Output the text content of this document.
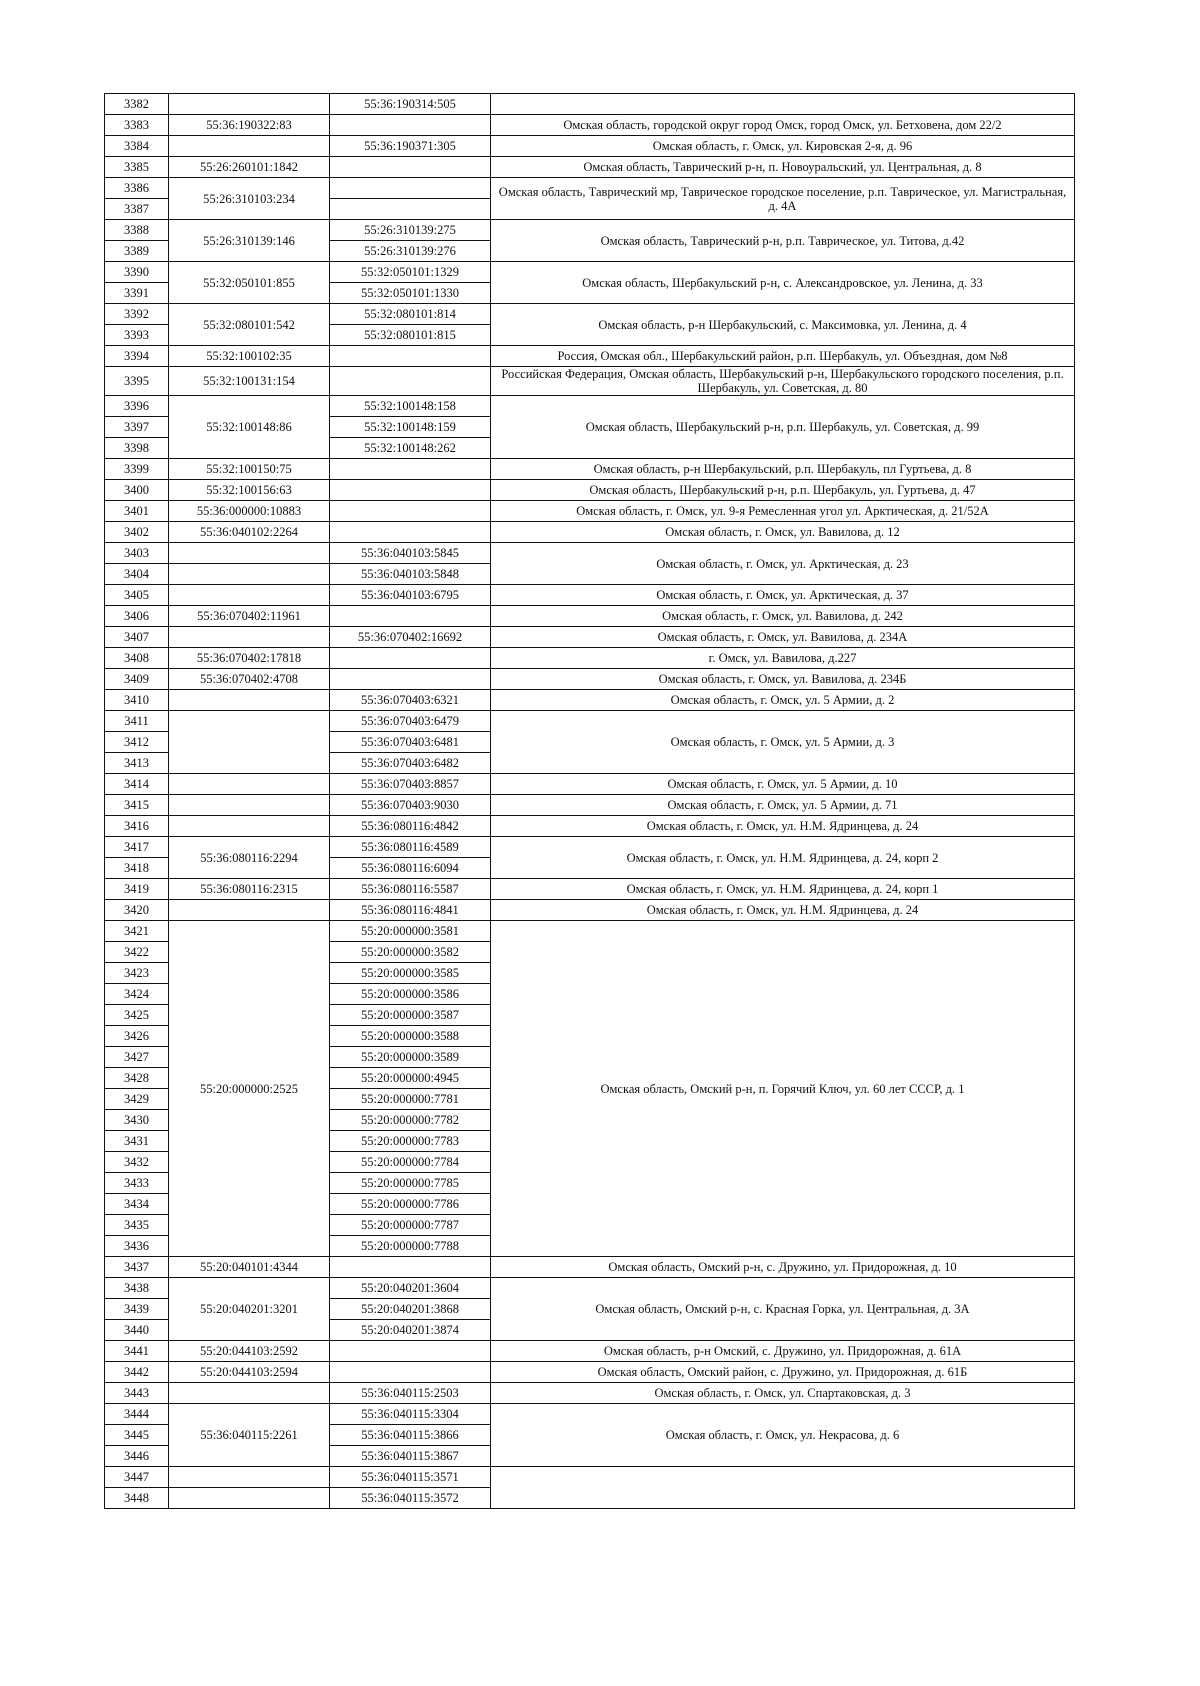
3382		55:36:190314:505	
3383	55:36:190322:83		Омская область, городской округ город Омск, город Омск, ул. Бетховена, дом 22/2
3384		55:36:190371:305	Омская область, г. Омск, ул. Кировская 2-я, д. 96
3385	55:26:260101:1842		Омская область, Таврический р-н, п. Новоуральский, ул. Центральная, д. 8
3386	55:26:310103:234		Омская область, Таврический мр, Таврическое городское поселение, р.п. Таврическое, ул. Магистральная, д. 4А
3387			
3388	55:26:310139:146	55:26:310139:275	Омская область, Таврический р-н, р.п. Таврическое, ул. Титова, д.42
3389		55:26:310139:276	
3390	55:32:050101:855	55:32:050101:1329	Омская область, Шербакульский р-н, с. Александровское, ул. Ленина, д. 33
3391		55:32:050101:1330	
3392	55:32:080101:542	55:32:080101:814	Омская область, р-н Шербакульский, с. Максимовка, ул. Ленина, д. 4
3393		55:32:080101:815	
3394	55:32:100102:35		Россия, Омская обл., Шербакульский район, р.п. Шербакуль, ул. Объездная, дом №8
3395	55:32:100131:154		Российская Федерация, Омская область, Шербакульский р-н, Шербакульского городского поселения, р.п. Шербакуль, ул. Советская, д. 80
3396	55:32:100148:86	55:32:100148:158	Омская область, Шербакульский р-н, р.п. Шербакуль, ул. Советская, д. 99
3397		55:32:100148:159	
3398		55:32:100148:262	
3399	55:32:100150:75		Омская область, р-н Шербакульский, р.п. Шербакуль, пл Гуртьева, д. 8
3400	55:32:100156:63		Омская область, Шербакульский р-н, р.п. Шербакуль, ул. Гуртьева, д. 47
3401	55:36:000000:10883		Омская область, г. Омск, ул. 9-я Ремесленная угол ул. Арктическая, д. 21/52А
3402	55:36:040102:2264		Омская область, г. Омск, ул. Вавилова, д. 12
3403		55:36:040103:5845	Омская область, г. Омск, ул. Арктическая, д. 23
3404		55:36:040103:5848	
3405		55:36:040103:6795	Омская область, г. Омск, ул. Арктическая, д. 37
3406	55:36:070402:11961		Омская область, г. Омск, ул. Вавилова, д. 242
3407		55:36:070402:16692	Омская область, г. Омск, ул. Вавилова, д. 234А
3408	55:36:070402:17818		г. Омск, ул. Вавилова, д.227
3409	55:36:070402:4708		Омская область, г. Омск, ул. Вавилова, д. 234Б
3410		55:36:070403:6321	Омская область, г. Омск, ул. 5 Армии, д. 2
3411		55:36:070403:6479	Омская область, г. Омск, ул. 5 Армии, д. 3
3412		55:36:070403:6481	
3413		55:36:070403:6482	
3414		55:36:070403:8857	Омская область, г. Омск, ул. 5 Армии, д. 10
3415		55:36:070403:9030	Омская область, г. Омск, ул. 5 Армии, д. 71
3416		55:36:080116:4842	Омская область, г. Омск, ул. Н.М. Ядринцева, д. 24
3417	55:36:080116:2294	55:36:080116:4589	Омская область, г. Омск, ул. Н.М. Ядринцева, д. 24, корп 2
3418		55:36:080116:6094	
3419	55:36:080116:2315	55:36:080116:5587	Омская область, г. Омск, ул. Н.М. Ядринцева, д. 24, корп 1
3420		55:36:080116:4841	Омская область, г. Омск, ул. Н.М. Ядринцева, д. 24
3421	55:20:000000:2525	55:20:000000:3581	Омская область, Омский р-н, п. Горячий Ключ, ул. 60 лет СССР, д. 1
3422		55:20:000000:3582	
3423		55:20:000000:3585	
3424		55:20:000000:3586	
3425		55:20:000000:3587	
3426		55:20:000000:3588	
3427		55:20:000000:3589	
3428		55:20:000000:4945	
3429		55:20:000000:7781	
3430		55:20:000000:7782	
3431		55:20:000000:7783	
3432		55:20:000000:7784	
3433		55:20:000000:7785	
3434		55:20:000000:7786	
3435		55:20:000000:7787	
3436		55:20:000000:7788	
3437	55:20:040101:4344		Омская область, Омский р-н, с. Дружино, ул. Придорожная, д. 10
3438	55:20:040201:3201	55:20:040201:3604	Омская область, Омский р-н, с. Красная Горка, ул. Центральная, д. 3А
3439		55:20:040201:3868	
3440		55:20:040201:3874	
3441	55:20:044103:2592		Омская область, р-н Омский, с. Дружино, ул. Придорожная, д. 61А
3442	55:20:044103:2594		Омская область, Омский район, с. Дружино, ул. Придорожная, д. 61Б
3443		55:36:040115:2503	Омская область, г. Омск, ул. Спартаковская, д. 3
3444	55:36:040115:2261	55:36:040115:3304	Омская область, г. Омск, ул. Некрасова, д. 6
3445		55:36:040115:3866	
3446		55:36:040115:3867	
3447		55:36:040115:3571	
3448		55:36:040115:3572	
